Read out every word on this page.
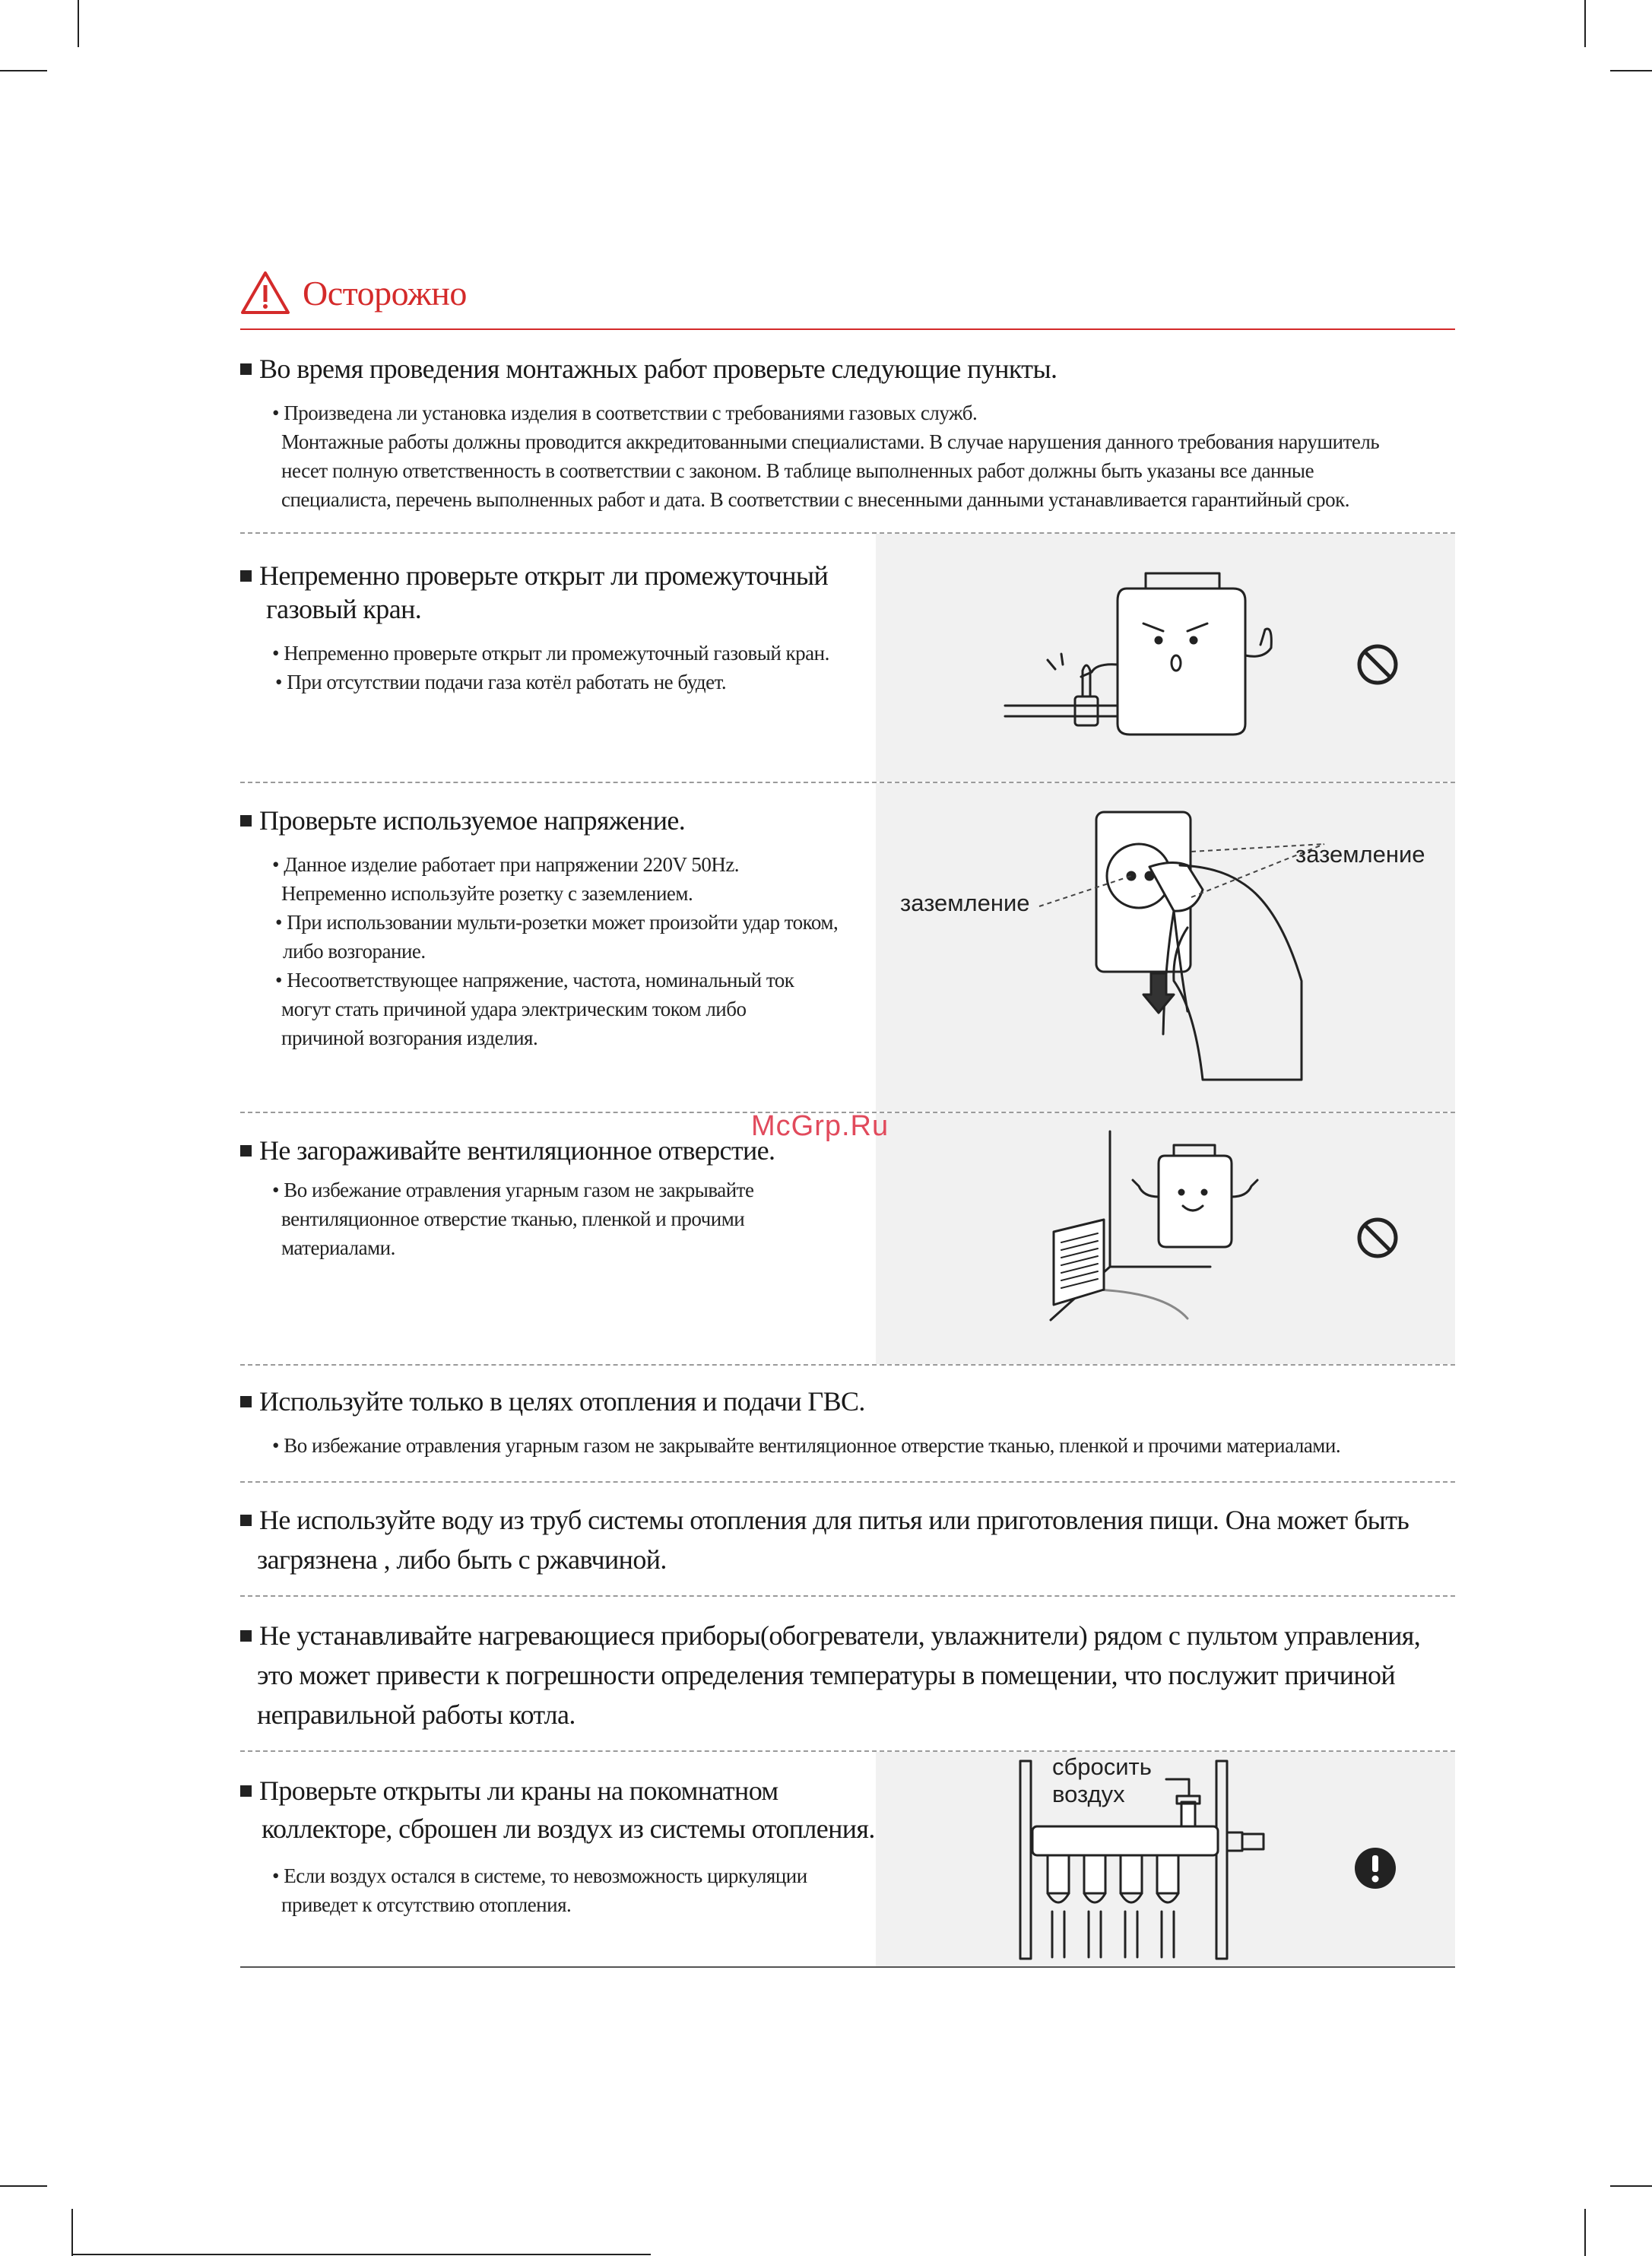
Осторожно
Во время проведения монтажных работ проверьте следующие пункты.
• Произведена ли установка изделия в соответствии с требованиями газовых служб.
Монтажные работы должны проводится аккредитованными специалистами. В случае нарушения данного требования нарушитель
несет полную ответственность в соответствии с законом. В таблице выполненных работ должны быть указаны все данные
специалиста, перечень выполненных работ и дата. В соответствии с внесенными данными устанавливается гарантийный срок.
Непременно проверьте открыт ли промежуточный
газовый кран.
• Непременно проверьте открыт ли промежуточный газовый кран.
• При отсутствии подачи газа котёл работать не будет.
заземление
заземление
Проверьте используемое напряжение.
• Данное изделие работает при напряжении 220V 50Hz.
Непременно используйте розетку с заземлением.
• При использовании мульти-розетки может произойти удар током,
либо возгорание.
• Несоответствующее напряжение, частота, номинальный ток
могут стать причиной удара электрическим током либо
причиной возгорания изделия.
Не загораживайте вентиляционное отверстие.
• Во избежание отравления угарным газом не закрывайте
вентиляционное отверстие тканью, пленкой и прочими
материалами.
McGrp.Ru
Используйте только в целях отопления и подачи ГВС.
• Во избежание отравления угарным газом не закрывайте вентиляционное отверстие тканью, пленкой и прочими материалами.
Не используйте воду из труб системы отопления для питья или приготовления пищи. Она может быть
загрязнена , либо быть с ржавчиной.
Не устанавливайте нагревающиеся приборы(обогреватели, увлажнители) рядом с пультом управления,
это может привести к погрешности определения температуры в помещении, что послужит причиной
неправильной работы котла.
сбросить
воздух
Проверьте открыты ли краны на покомнатном
коллекторе, сброшен ли воздух из системы отопления.
• Если воздух остался в системе, то невозможность циркуляции
приведет к отсутствию отопления.
